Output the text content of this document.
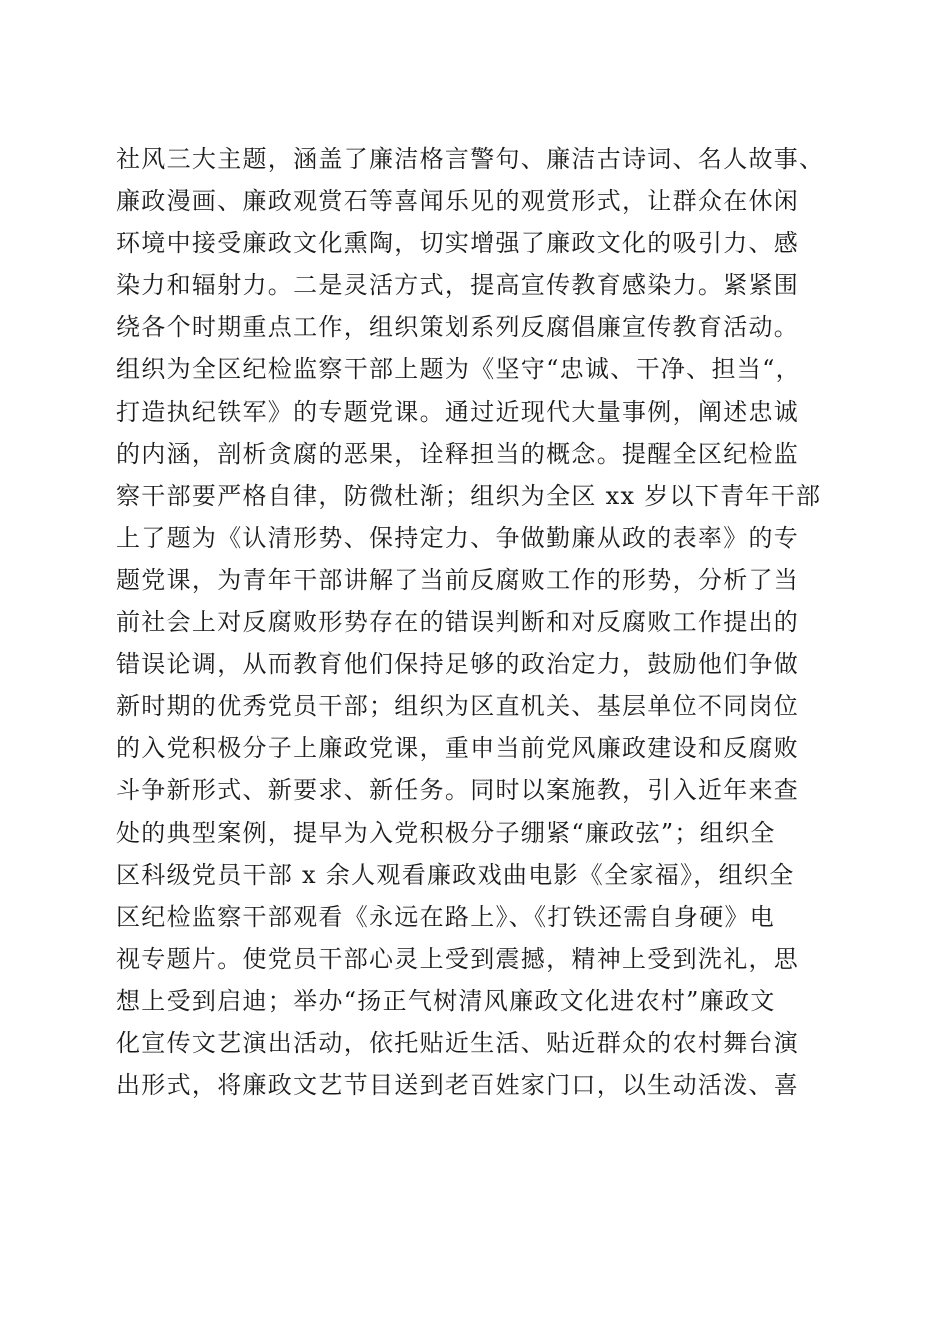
社风三大主题，涵盖了廉洁格言警句、廉洁古诗词、名人故事、
廉政漫画、廉政观赏石等喜闻乐见的观赏形式，让群众在休闲
环境中接受廉政文化熏陶，切实增强了廉政文化的吸引力、感
染力和辐射力。二是灵活方式，提高宣传教育感染力。紧紧围
绕各个时期重点工作，组织策划系列反腐倡廉宣传教育活动。
组织为全区纪检监察干部上题为《坚守“忠诚、干净、担当“，
打造执纪铁军》的专题党课。通过近现代大量事例，阐述忠诚
的内涵，剖析贪腐的恶果，诠释担当的概念。提醒全区纪检监
察干部要严格自律，防微杜渐；组织为全区 xx 岁以下青年干部
上了题为《认清形势、保持定力、争做勤廉从政的表率》的专
题党课，为青年干部讲解了当前反腐败工作的形势，分析了当
前社会上对反腐败形势存在的错误判断和对反腐败工作提出的
错误论调，从而教育他们保持足够的政治定力，鼓励他们争做
新时期的优秀党员干部；组织为区直机关、基层单位不同岗位
的入党积极分子上廉政党课，重申当前党风廉政建设和反腐败
斗争新形式、新要求、新任务。同时以案施教，引入近年来查
处的典型案例，提早为入党积极分子绷紧“廉政弦”；组织全
区科级党员干部 x 余人观看廉政戏曲电影《全家福》，组织全
区纪检监察干部观看《永远在路上》、《打铁还需自身硬》电
视专题片。使党员干部心灵上受到震撼，精神上受到洗礼，思
想上受到启迪；举办“扬正气树清风廉政文化进农村”廉政文
化宣传文艺演出活动，依托贴近生活、贴近群众的农村舞台演
出形式，将廉政文艺节目送到老百姓家门口，以生动活泼、喜
